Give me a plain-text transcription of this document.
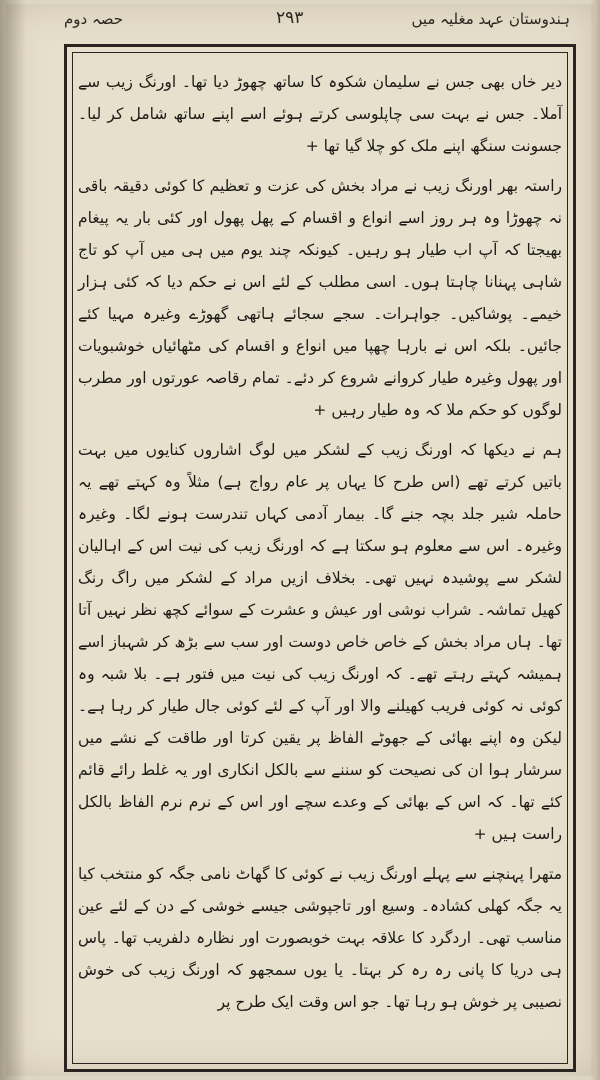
ہندوستان عہد مغلیہ میں
۲۹۳
حصہ دوم

دیر خاں بھی جس نے سلیمان شکوہ کا ساتھ چھوڑ دیا تھا۔ اورنگ زیب سے آملا۔ جس نے بہت سی چاپلوسی کرتے ہوئے اسے اپنے ساتھ شامل کر لیا۔ جسونت سنگھ اپنے ملک کو چلا گیا تھا +

راستہ بھر اورنگ زیب نے مراد بخش کی عزت و تعظیم کا کوئی دقیقہ باقی نہ چھوڑا وہ ہر روز اسے انواع و اقسام کے پھل پھول اور کئی بار یہ پیغام بھیجتا کہ آپ اب طیار ہو رہیں۔ کیونکہ چند یوم میں ہی میں آپ کو تاج شاہی پہنانا چاہتا ہوں۔ اسی مطلب کے لئے اس نے حکم دیا کہ کئی ہزار خیمے۔ پوشاکیں۔ جواہرات۔ سجے سجائے ہاتھی گھوڑے وغیرہ مہیا کئے جائیں۔ بلکہ اس نے بارہا چھپا میں انواع و اقسام کی مٹھائیاں خوشبویات اور پھول وغیرہ طیار کروانے شروع کر دئے۔ تمام رقاصہ عورتوں اور مطرب لوگوں کو حکم ملا کہ وہ طیار رہیں +

ہم نے دیکھا کہ اورنگ زیب کے لشکر میں لوگ اشاروں کنایوں میں بہت باتیں کرتے تھے (اس طرح کا یہاں پر عام رواج ہے) مثلاً وہ کہتے تھے یہ حاملہ شیر جلد بچہ جنے گا۔ بیمار آدمی کہاں تندرست ہونے لگا۔ وغیرہ وغیرہ۔ اس سے معلوم ہو سکتا ہے کہ اورنگ زیب کی نیت اس کے اہالیان لشکر سے پوشیدہ نہیں تھی۔ بخلاف ازیں مراد کے لشکر میں راگ رنگ کھیل تماشہ۔ شراب نوشی اور عیش و عشرت کے سوائے کچھ نظر نہیں آتا تھا۔ ہاں مراد بخش کے خاص خاص دوست اور سب سے بڑھ کر شہباز اسے ہمیشہ کہتے رہتے تھے۔ کہ اورنگ زیب کی نیت میں فتور ہے۔ بلا شبہ وہ کوئی نہ کوئی فریب کھیلنے والا اور آپ کے لئے کوئی جال طیار کر رہا ہے۔ لیکن وہ اپنے بھائی کے جھوٹے الفاظ پر یقین کرتا اور طاقت کے نشے میں سرشار ہوا ان کی نصیحت کو سننے سے بالکل انکاری اور یہ غلط رائے قائم کئے تھا۔ کہ اس کے بھائی کے وعدے سچے اور اس کے نرم نرم الفاظ بالکل راست ہیں +

متھرا پہنچنے سے پہلے اورنگ زیب نے کوئی کا گھاٹ نامی جگہ کو منتخب کیا یہ جگہ کھلی کشادہ۔ وسیع اور تاجپوشی جیسے خوشی کے دن کے لئے عین مناسب تھی۔ اردگرد کا علاقہ بہت خوبصورت اور نظارہ دلفریب تھا۔ پاس ہی دریا کا پانی رہ رہ کر بہتا۔ یا یوں سمجھو کہ اورنگ زیب کی خوش نصیبی پر خوش ہو رہا تھا۔ جو اس وقت ایک طرح پر
